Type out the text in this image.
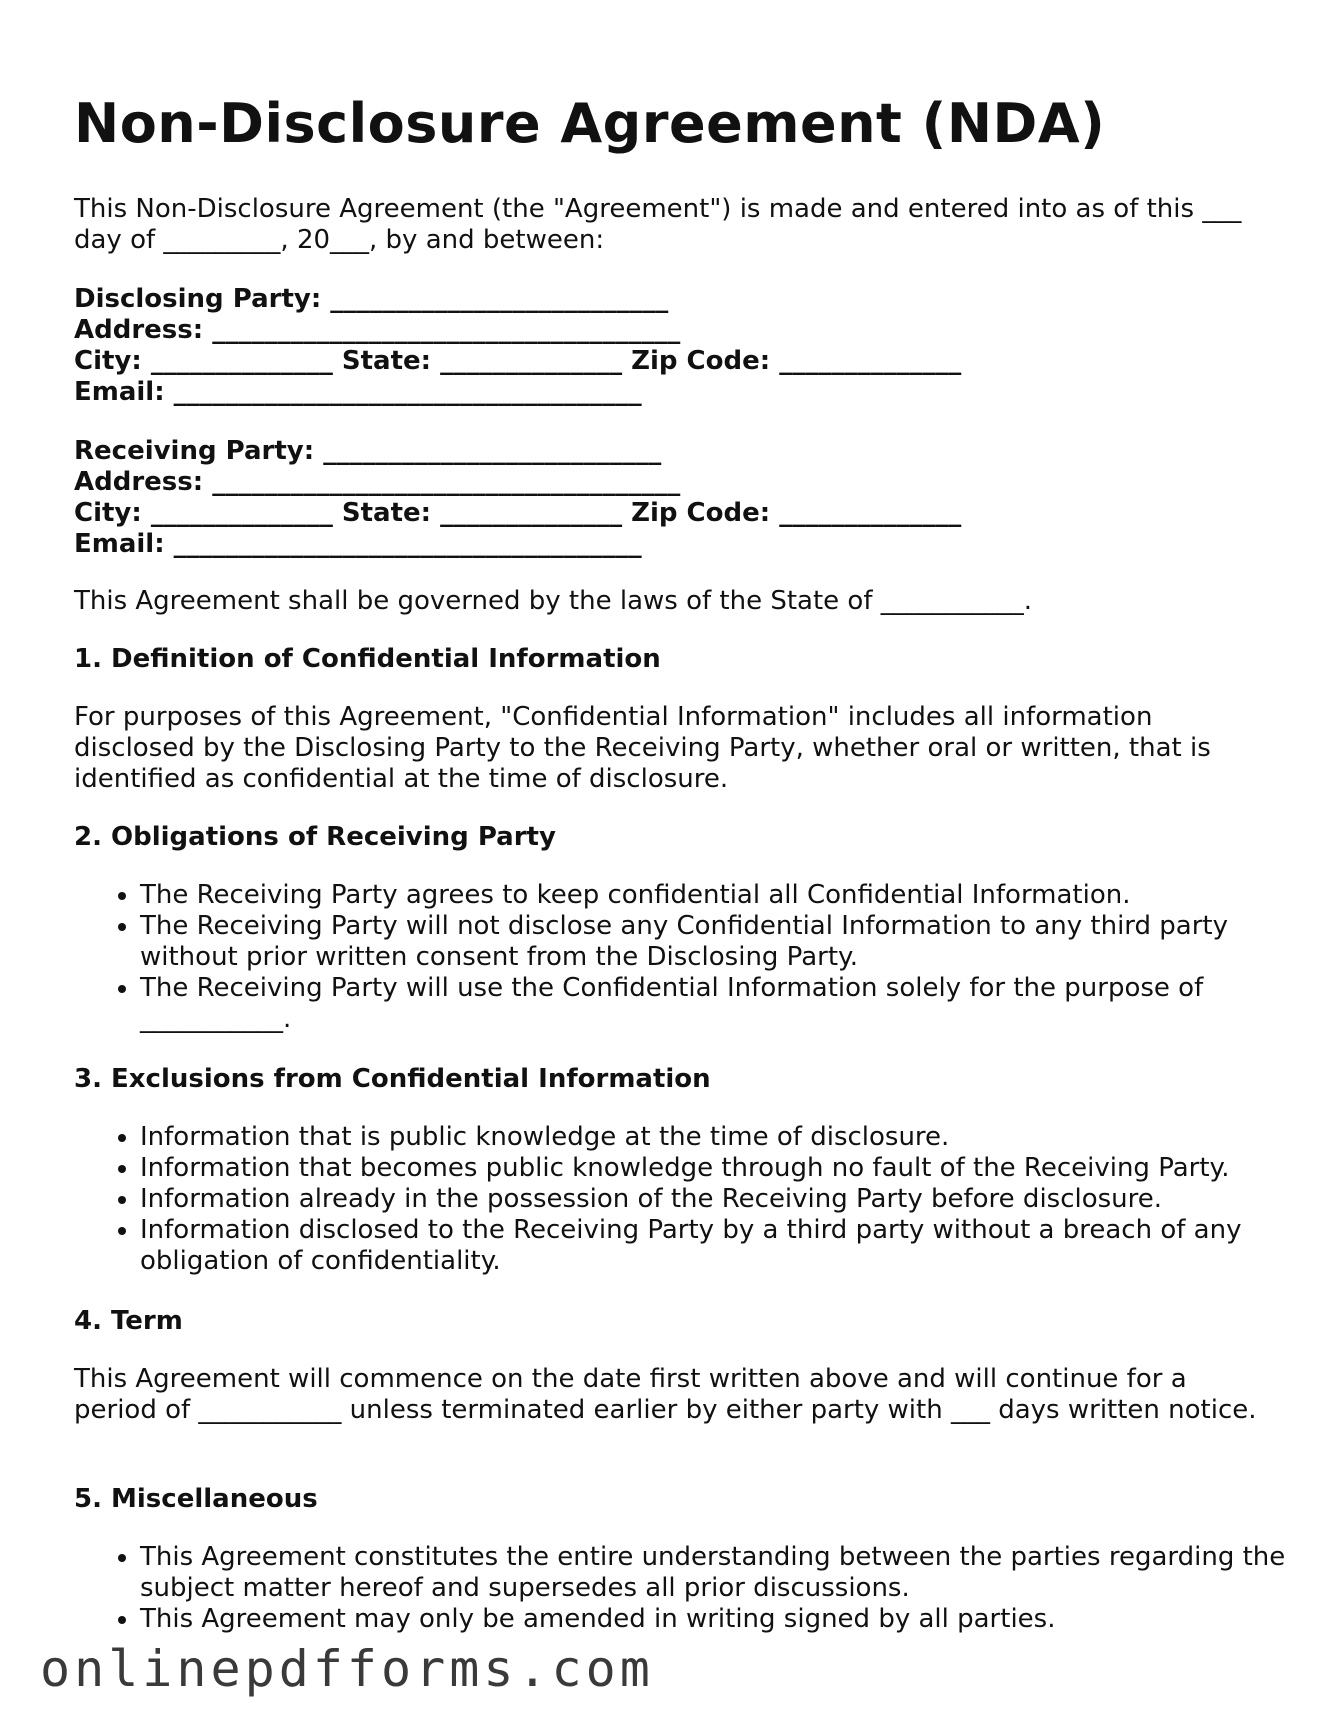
Non-Disclosure Agreement (NDA)
This Non-Disclosure Agreement (the "Agreement") is made and entered into as of this ___
day of _________, 20___, by and between:
Disclosing Party: __________________________
Address: ____________________________________
City: ______________ State: ______________ Zip Code: ______________
Email: ____________________________________
Receiving Party: __________________________
Address: ____________________________________
City: ______________ State: ______________ Zip Code: ______________
Email: ____________________________________
This Agreement shall be governed by the laws of the State of ___________.
1. Definition of Confidential Information
For purposes of this Agreement, "Confidential Information" includes all information disclosed by the Disclosing Party to the Receiving Party, whether oral or written, that is identified as confidential at the time of disclosure.
2. Obligations of Receiving Party
• The Receiving Party agrees to keep confidential all Confidential Information.
• The Receiving Party will not disclose any Confidential Information to any third party without prior written consent from the Disclosing Party.
• The Receiving Party will use the Confidential Information solely for the purpose of ___________.
3. Exclusions from Confidential Information
• Information that is public knowledge at the time of disclosure.
• Information that becomes public knowledge through no fault of the Receiving Party.
• Information already in the possession of the Receiving Party before disclosure.
• Information disclosed to the Receiving Party by a third party without a breach of any obligation of confidentiality.
4. Term
This Agreement will commence on the date first written above and will continue for a period of ___________ unless terminated earlier by either party with ___ days written notice.
5. Miscellaneous
• This Agreement constitutes the entire understanding between the parties regarding the subject matter hereof and supersedes all prior discussions.
• This Agreement may only be amended in writing signed by all parties.
onlinepdfforms.com
